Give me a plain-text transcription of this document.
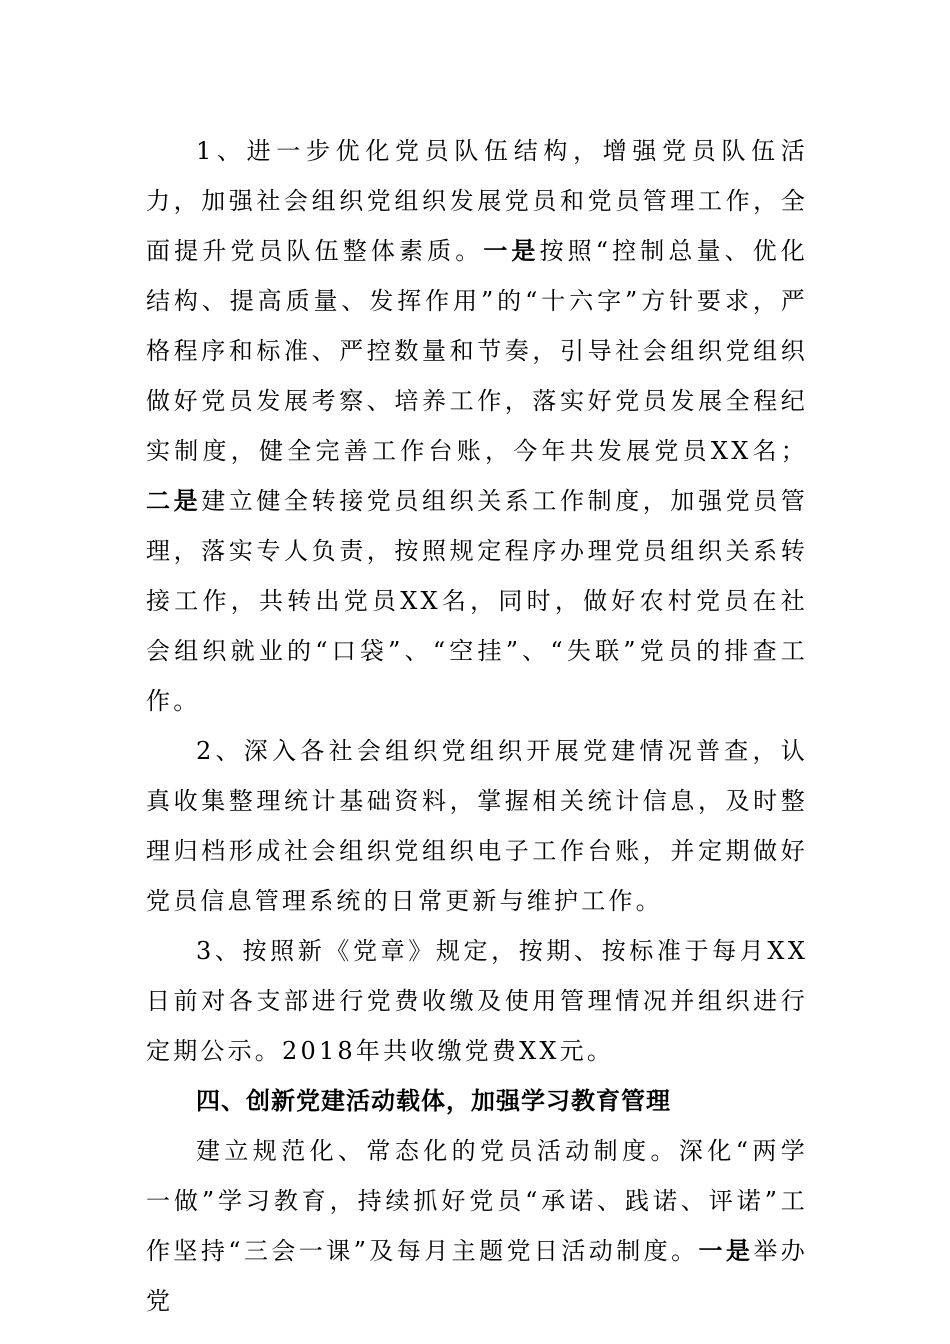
1、进一步优化党员队伍结构，增强党员队伍活力，加强社会组织党组织发展党员和党员管理工作，全面提升党员队伍整体素质。一是按照“控制总量、优化结构、提高质量、发挥作用”的“十六字”方针要求，严格程序和标准、严控数量和节奏，引导社会组织党组织做好党员发展考察、培养工作，落实好党员发展全程纪实制度，健全完善工作台账，今年共发展党员XX名；二是建立健全转接党员组织关系工作制度，加强党员管理，落实专人负责，按照规定程序办理党员组织关系转接工作，共转出党员XX名，同时，做好农村党员在社会组织就业的“口袋”、“空挂”、“失联”党员的排查工作。

2、深入各社会组织党组织开展党建情况普查，认真收集整理统计基础资料，掌握相关统计信息，及时整理归档形成社会组织党组织电子工作台账，并定期做好党员信息管理系统的日常更新与维护工作。

3、按照新《党章》规定，按期、按标准于每月XX日前对各支部进行党费收缴及使用管理情况并组织进行定期公示。2018年共收缴党费XX元。

四、创新党建活动载体，加强学习教育管理

建立规范化、常态化的党员活动制度。深化“两学一做”学习教育，持续抓好党员“承诺、践诺、评诺”工作坚持“三会一课”及每月主题党日活动制度。一是举办党
